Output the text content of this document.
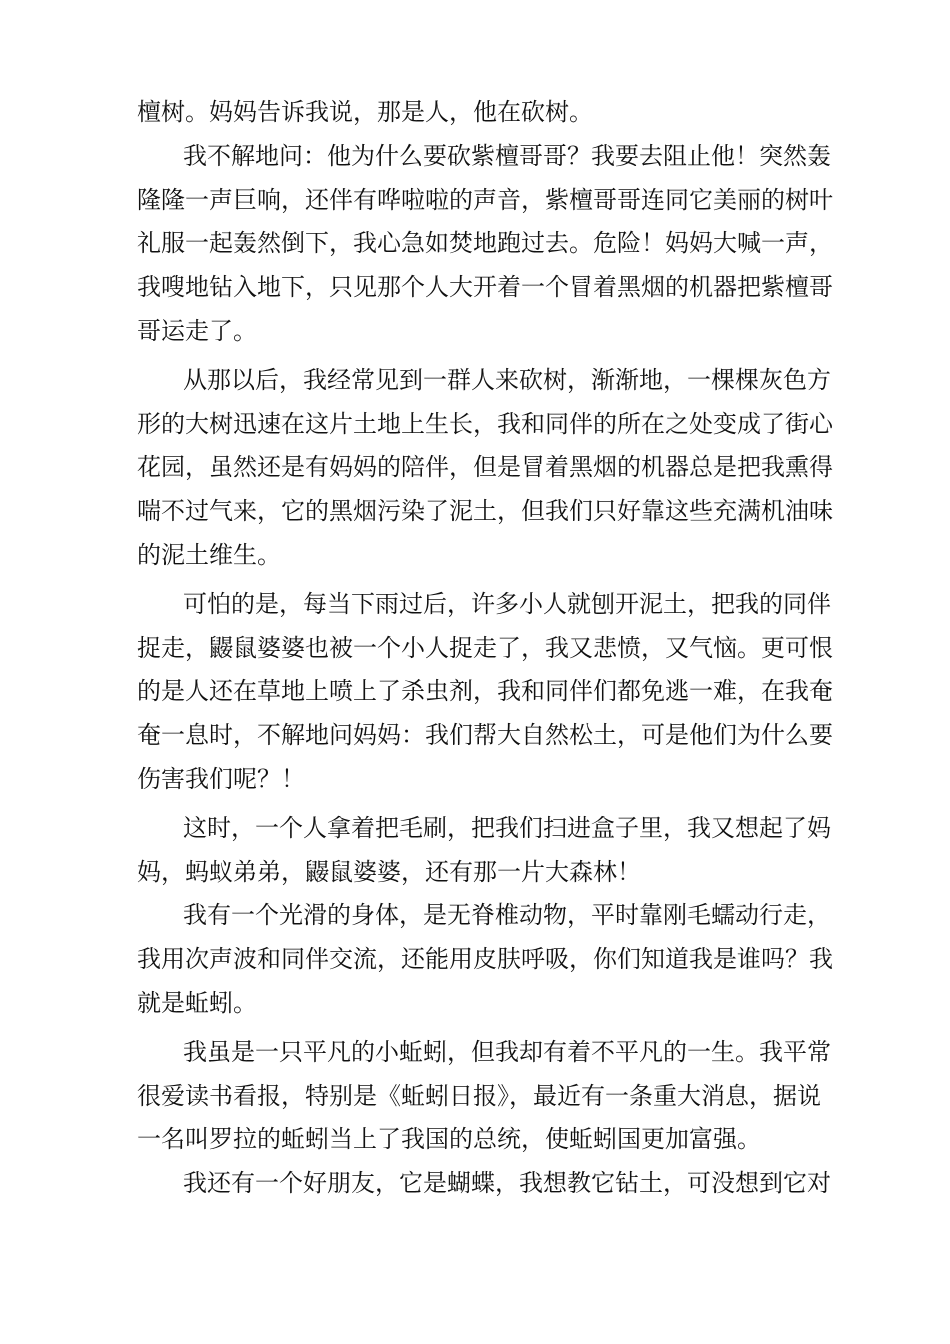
檀树。妈妈告诉我说，那是人，他在砍树。
我不解地问：他为什么要砍紫檀哥哥？我要去阻止他！突然轰
隆隆一声巨响，还伴有哗啦啦的声音，紫檀哥哥连同它美丽的树叶
礼服一起轰然倒下，我心急如焚地跑过去。危险！妈妈大喊一声，
我嗖地钻入地下，只见那个人大开着一个冒着黑烟的机器把紫檀哥
哥运走了。
从那以后，我经常见到一群人来砍树，渐渐地，一棵棵灰色方
形的大树迅速在这片土地上生长，我和同伴的所在之处变成了街心
花园，虽然还是有妈妈的陪伴，但是冒着黑烟的机器总是把我熏得
喘不过气来，它的黑烟污染了泥土，但我们只好靠这些充满机油味
的泥土维生。
可怕的是，每当下雨过后，许多小人就刨开泥土，把我的同伴
捉走，鼹鼠婆婆也被一个小人捉走了，我又悲愤，又气恼。更可恨
的是人还在草地上喷上了杀虫剂，我和同伴们都免逃一难，在我奄
奄一息时，不解地问妈妈：我们帮大自然松土，可是他们为什么要
伤害我们呢？！
这时，一个人拿着把毛刷，把我们扫进盒子里，我又想起了妈
妈，蚂蚁弟弟，鼹鼠婆婆，还有那一片大森林！
我有一个光滑的身体，是无脊椎动物，平时靠刚毛蠕动行走，
我用次声波和同伴交流，还能用皮肤呼吸，你们知道我是谁吗？我
就是蚯蚓。
我虽是一只平凡的小蚯蚓，但我却有着不平凡的一生。我平常
很爱读书看报，特别是《蚯蚓日报》，最近有一条重大消息，据说
一名叫罗拉的蚯蚓当上了我国的总统，使蚯蚓国更加富强。
我还有一个好朋友，它是蝴蝶，我想教它钻土，可没想到它对
